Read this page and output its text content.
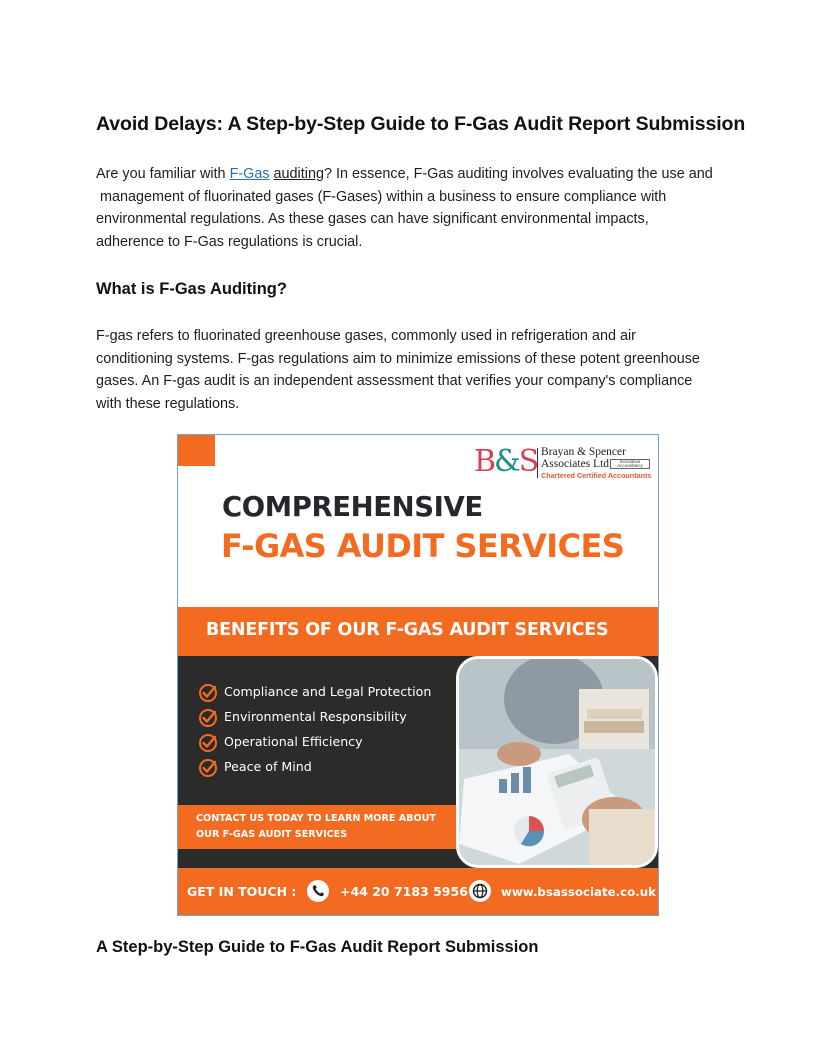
Avoid Delays: A Step-by-Step Guide to F-Gas Audit Report Submission
Are you familiar with F-Gas auditing? In essence, F-Gas auditing involves evaluating the use and
management of fluorinated gases (F-Gases) within a business to ensure compliance with
environmental regulations. As these gases can have significant environmental impacts,
adherence to F-Gas regulations is crucial.
What is F-Gas Auditing?
F-gas refers to fluorinated greenhouse gases, commonly used in refrigeration and air
conditioning systems. F-gas regulations aim to minimize emissions of these potent greenhouse
gases. An F-gas audit is an independent assessment that verifies your company's compliance
with these regulations.
B&S Brayan & Spencer
Associates Ltd.	Innovative Accountancy
Chartered Certified Accountants
COMPREHENSIVE
F-GAS AUDIT SERVICES
BENEFITS OF OUR F-GAS AUDIT SERVICES
Compliance and Legal Protection
Environmental Responsibility
Operational Efficiency
Peace of Mind
CONTACT US TODAY TO LEARN MORE ABOUT
OUR F-GAS AUDIT SERVICES
GET IN TOUCH :	+44 20 7183 5956	www.bsassociate.co.uk
A Step-by-Step Guide to F-Gas Audit Report Submission
